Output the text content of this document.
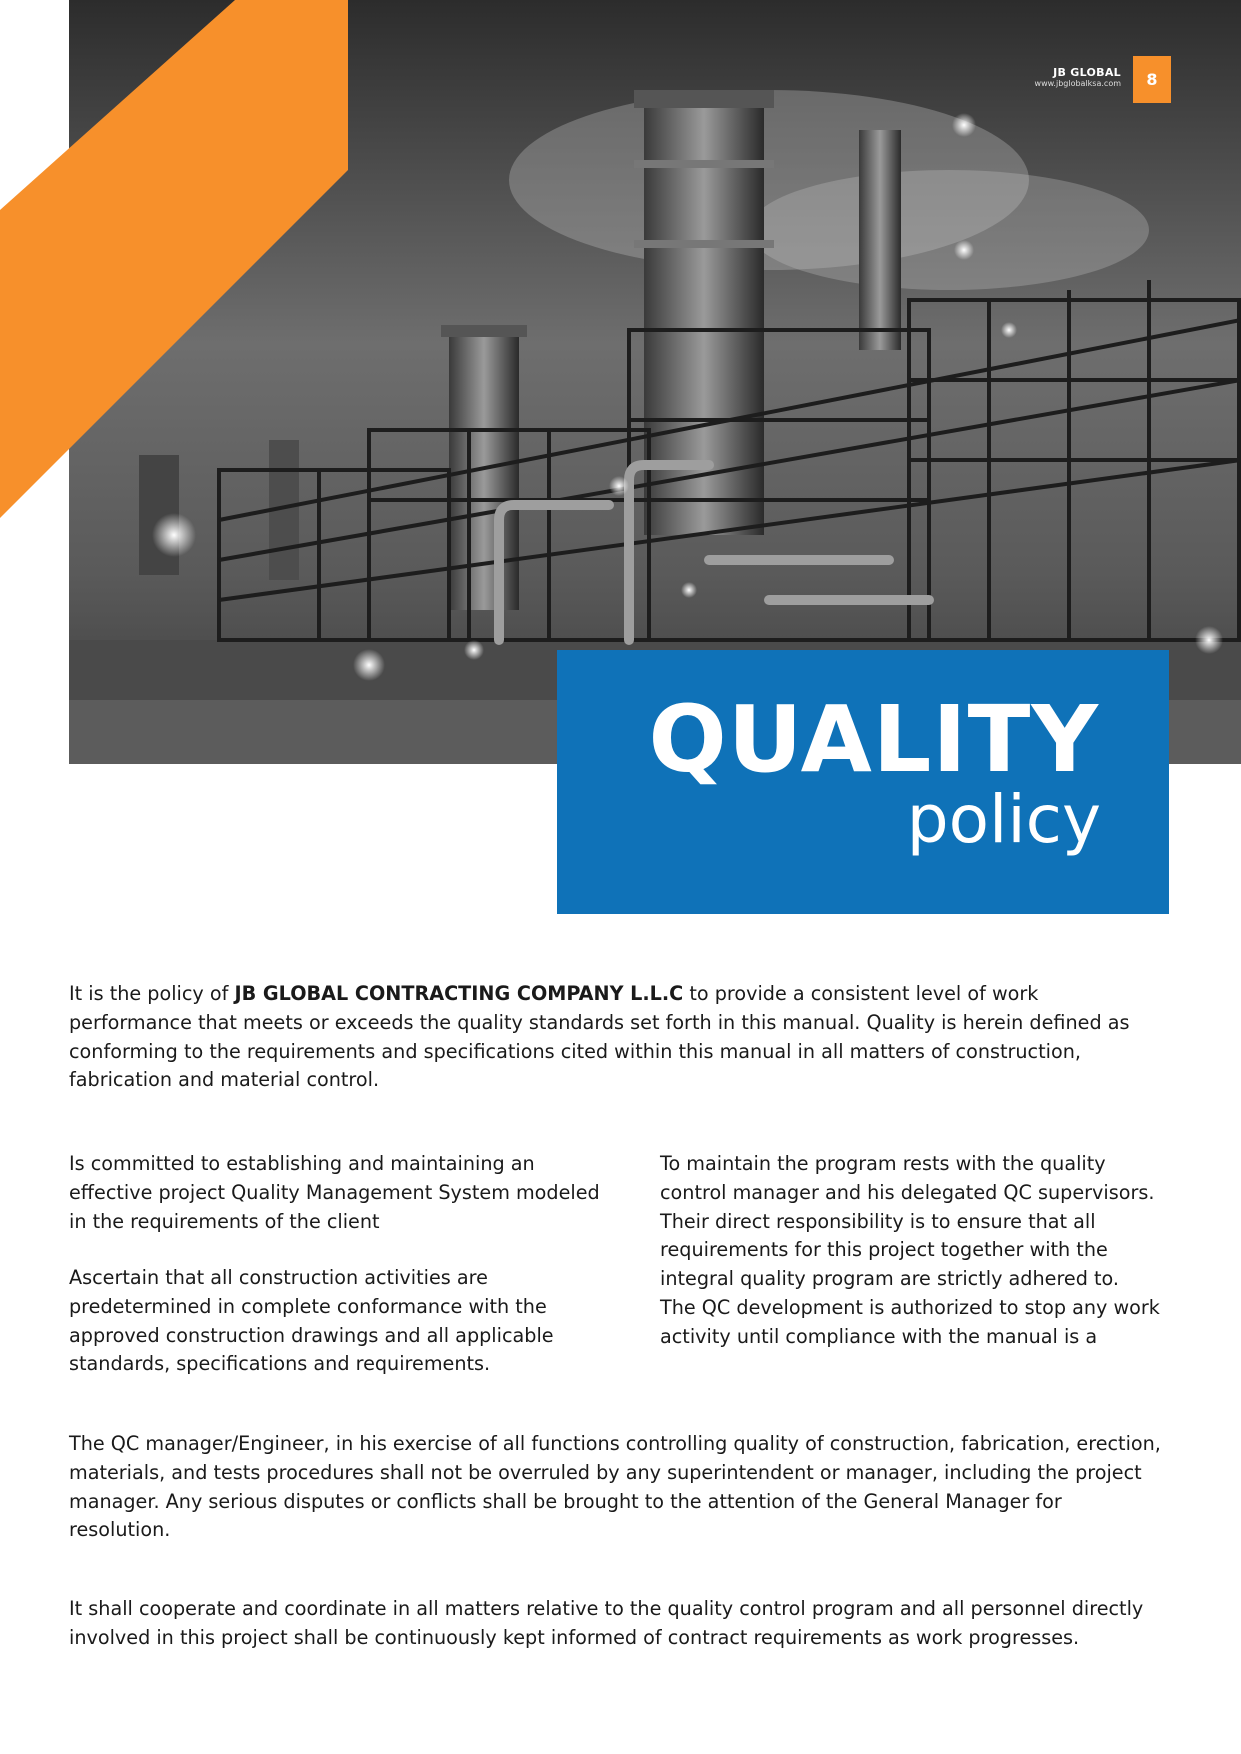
JB GLOBAL
www.jbglobalksa.com	8
QUALITY
policy

It is the policy of JB GLOBAL CONTRACTING COMPANY L.L.C to provide a consistent level of work performance that meets or exceeds the quality standards set forth in this manual. Quality is herein defined as conforming to the requirements and specifications cited within this manual in all matters of construction, fabrication and material control.

Is committed to establishing and maintaining an effective project Quality Management System modeled in the requirements of the client

Ascertain that all construction activities are predetermined in complete conformance with the approved construction drawings and all applicable standards, specifications and requirements.

To maintain the program rests with the quality control manager and his delegated QC supervisors. Their direct responsibility is to ensure that all requirements for this project together with the integral quality program are strictly adhered to. The QC development is authorized to stop any work activity until compliance with the manual is a

The QC manager/Engineer, in his exercise of all functions controlling quality of construction, fabrication, erection, materials, and tests procedures shall not be overruled by any superintendent or manager, including the project manager. Any serious disputes or conflicts shall be brought to the attention of the General Manager for resolution.

It shall cooperate and coordinate in all matters relative to the quality control program and all personnel directly involved in this project shall be continuously kept informed of contract requirements as work progresses.
